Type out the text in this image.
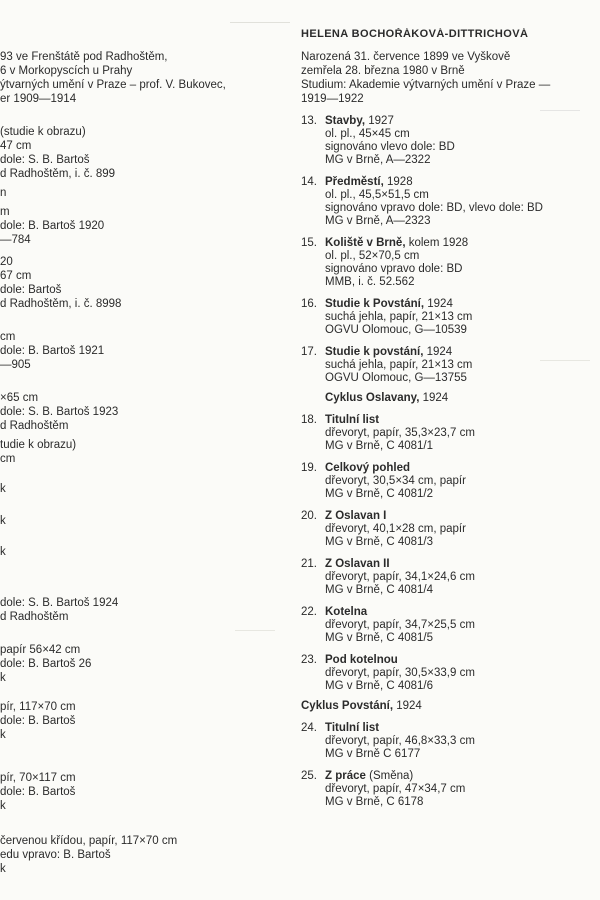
93 ve Frenštátě pod Radhoštěm,
6 v Morkopyscích u Prahy
ýtvarných umění v Praze – prof. V. Bukovec,
er 1909—1914
(studie k obrazu)
47 cm
dole: S. B. Bartoš
d Radhoštěm, i. č. 899
n
m
dole: B. Bartoš 1920
—784
20
67 cm
dole: Bartoš
d Radhoštěm, i. č. 8998
cm
dole: B. Bartoš 1921
—905
×65 cm
dole: S. B. Bartoš 1923
d Radhoštěm
tudie k obrazu)
cm
k
k
k
dole: S. B. Bartoš 1924
d Radhoštěm
papír 56×42 cm
dole: B. Bartoš 26
k
pír, 117×70 cm
dole: B. Bartoš
k
pír, 70×117 cm
dole: B. Bartoš
k
červenou křídou, papír, 117×70 cm
edu vpravo: B. Bartoš
k
HELENA BOCHOŘÁKOVÁ-DITTRICHOVÁ
Narozená 31. července 1899 ve Vyškově
zemřela 28. března 1980 v Brně
Studium: Akademie výtvarných umění v Praze —
1919—1922
13. Stavby, 1927
ol. pl., 45×45 cm
signováno vlevo dole: BD
MG v Brně, A—2322
14. Předměstí, 1928
ol. pl., 45,5×51,5 cm
signováno vpravo dole: BD, vlevo dole: BD
MG v Brně, A—2323
15. Koliště v Brně, kolem 1928
ol. pl., 52×70,5 cm
signováno vpravo dole: BD
MMB, i. č. 52.562
16. Studie k Povstání, 1924
suchá jehla, papír, 21×13 cm
OGVU Olomouc, G—10539
17. Studie k povstání, 1924
suchá jehla, papír, 21×13 cm
OGVU Olomouc, G—13755
Cyklus Oslavany, 1924
18. Titulní list
dřevoryt, papír, 35,3×23,7 cm
MG v Brně, C 4081/1
19. Celkový pohled
dřevoryt, 30,5×34 cm, papír
MG v Brně, C 4081/2
20. Z Oslavan I
dřevoryt, 40,1×28 cm, papír
MG v Brně, C 4081/3
21. Z Oslavan II
dřevoryt, papír, 34,1×24,6 cm
MG v Brně, C 4081/4
22. Kotelna
dřevoryt, papír, 34,7×25,5 cm
MG v Brně, C 4081/5
23. Pod kotelnou
dřevoryt, papír, 30,5×33,9 cm
MG v Brně, C 4081/6
Cyklus Povstání, 1924
24. Titulní list
dřevoryt, papír, 46,8×33,3 cm
MG v Brně C 6177
25. Z práce (Směna)
dřevoryt, papír, 47×34,7 cm
MG v Brně, C 6178
